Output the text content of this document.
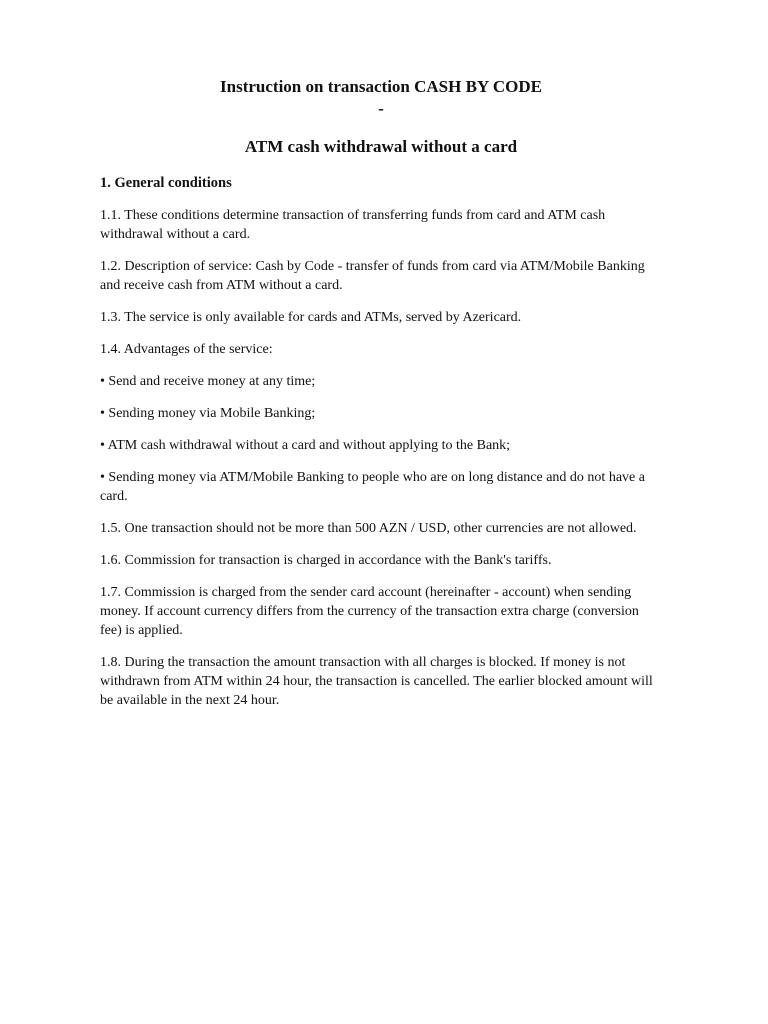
Instruction on transaction CASH BY CODE

-

ATM cash withdrawal without a card

1. General conditions

1.1. These conditions determine transaction of transferring funds from card and ATM cash withdrawal without a card.

1.2. Description of service: Cash by Code - transfer of funds from card via ATM/Mobile Banking and receive cash from ATM without a card.

1.3. The service is only available for cards and ATMs, served by Azericard.

1.4. Advantages of the service:

• Send and receive money at any time;

• Sending money via Mobile Banking;

• ATM cash withdrawal without a card and without applying to the Bank;

• Sending money via ATM/Mobile Banking to people who are on long distance and do not have a card.

1.5. One transaction should not be more than 500 AZN / USD, other currencies are not allowed.

1.6. Commission for transaction is charged in accordance with the Bank's tariffs.

1.7. Commission is charged from the sender card account (hereinafter - account) when sending money. If account currency differs from the currency of the transaction extra charge (conversion fee) is applied.

1.8. During the transaction the amount transaction with all charges is blocked. If money is not withdrawn from ATM within 24 hour, the transaction is cancelled. The earlier blocked amount will be available in the next 24 hour.
